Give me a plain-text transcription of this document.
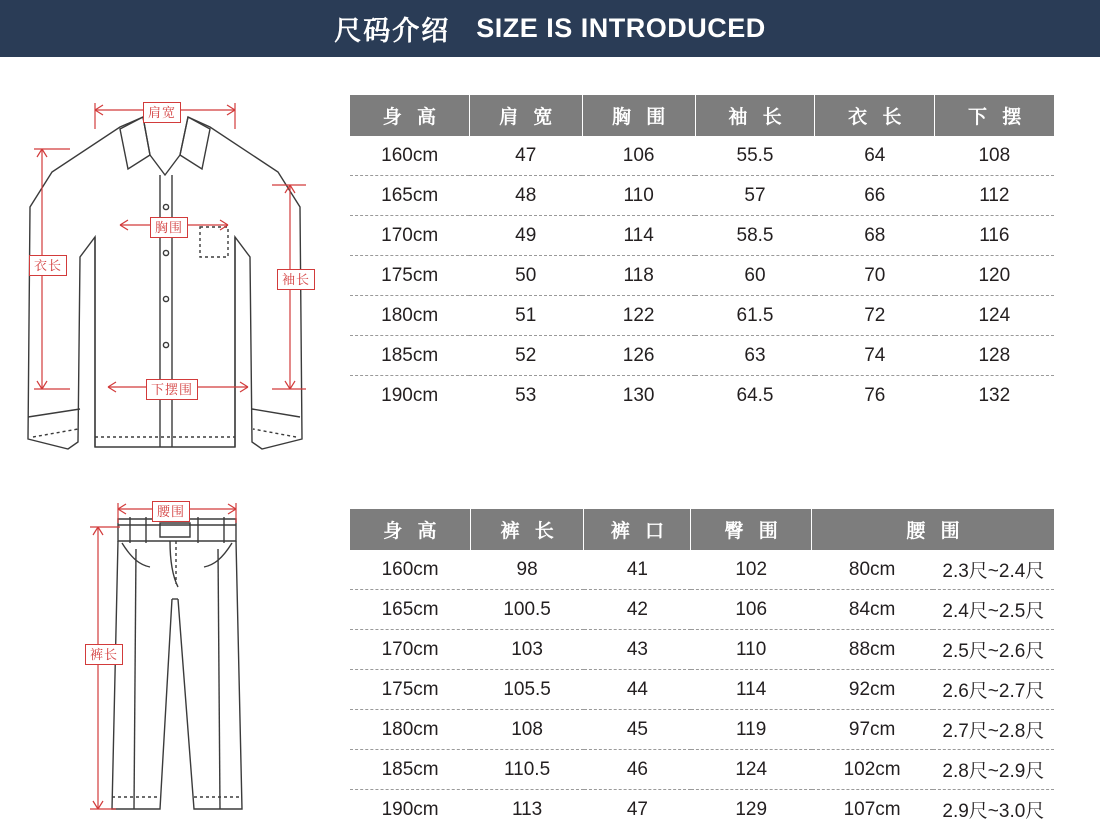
尺码介绍 SIZE IS INTRODUCED
肩宽
胸围
下摆围
衣长
袖长
身 高	肩 宽	胸 围	袖 长	衣 长	下 摆
160cm	47	106	55.5	64	108
165cm	48	110	57	66	112
170cm	49	114	58.5	68	116
175cm	50	118	60	70	120
180cm	51	122	61.5	72	124
185cm	52	126	63	74	128
190cm	53	130	64.5	76	132
腰围
裤长
身 高	裤 长	裤 口	臀 围	腰 围	
160cm	98	41	102	80cm	2.3尺~2.4尺
165cm	100.5	42	106	84cm	2.4尺~2.5尺
170cm	103	43	110	88cm	2.5尺~2.6尺
175cm	105.5	44	114	92cm	2.6尺~2.7尺
180cm	108	45	119	97cm	2.7尺~2.8尺
185cm	110.5	46	124	102cm	2.8尺~2.9尺
190cm	113	47	129	107cm	2.9尺~3.0尺
